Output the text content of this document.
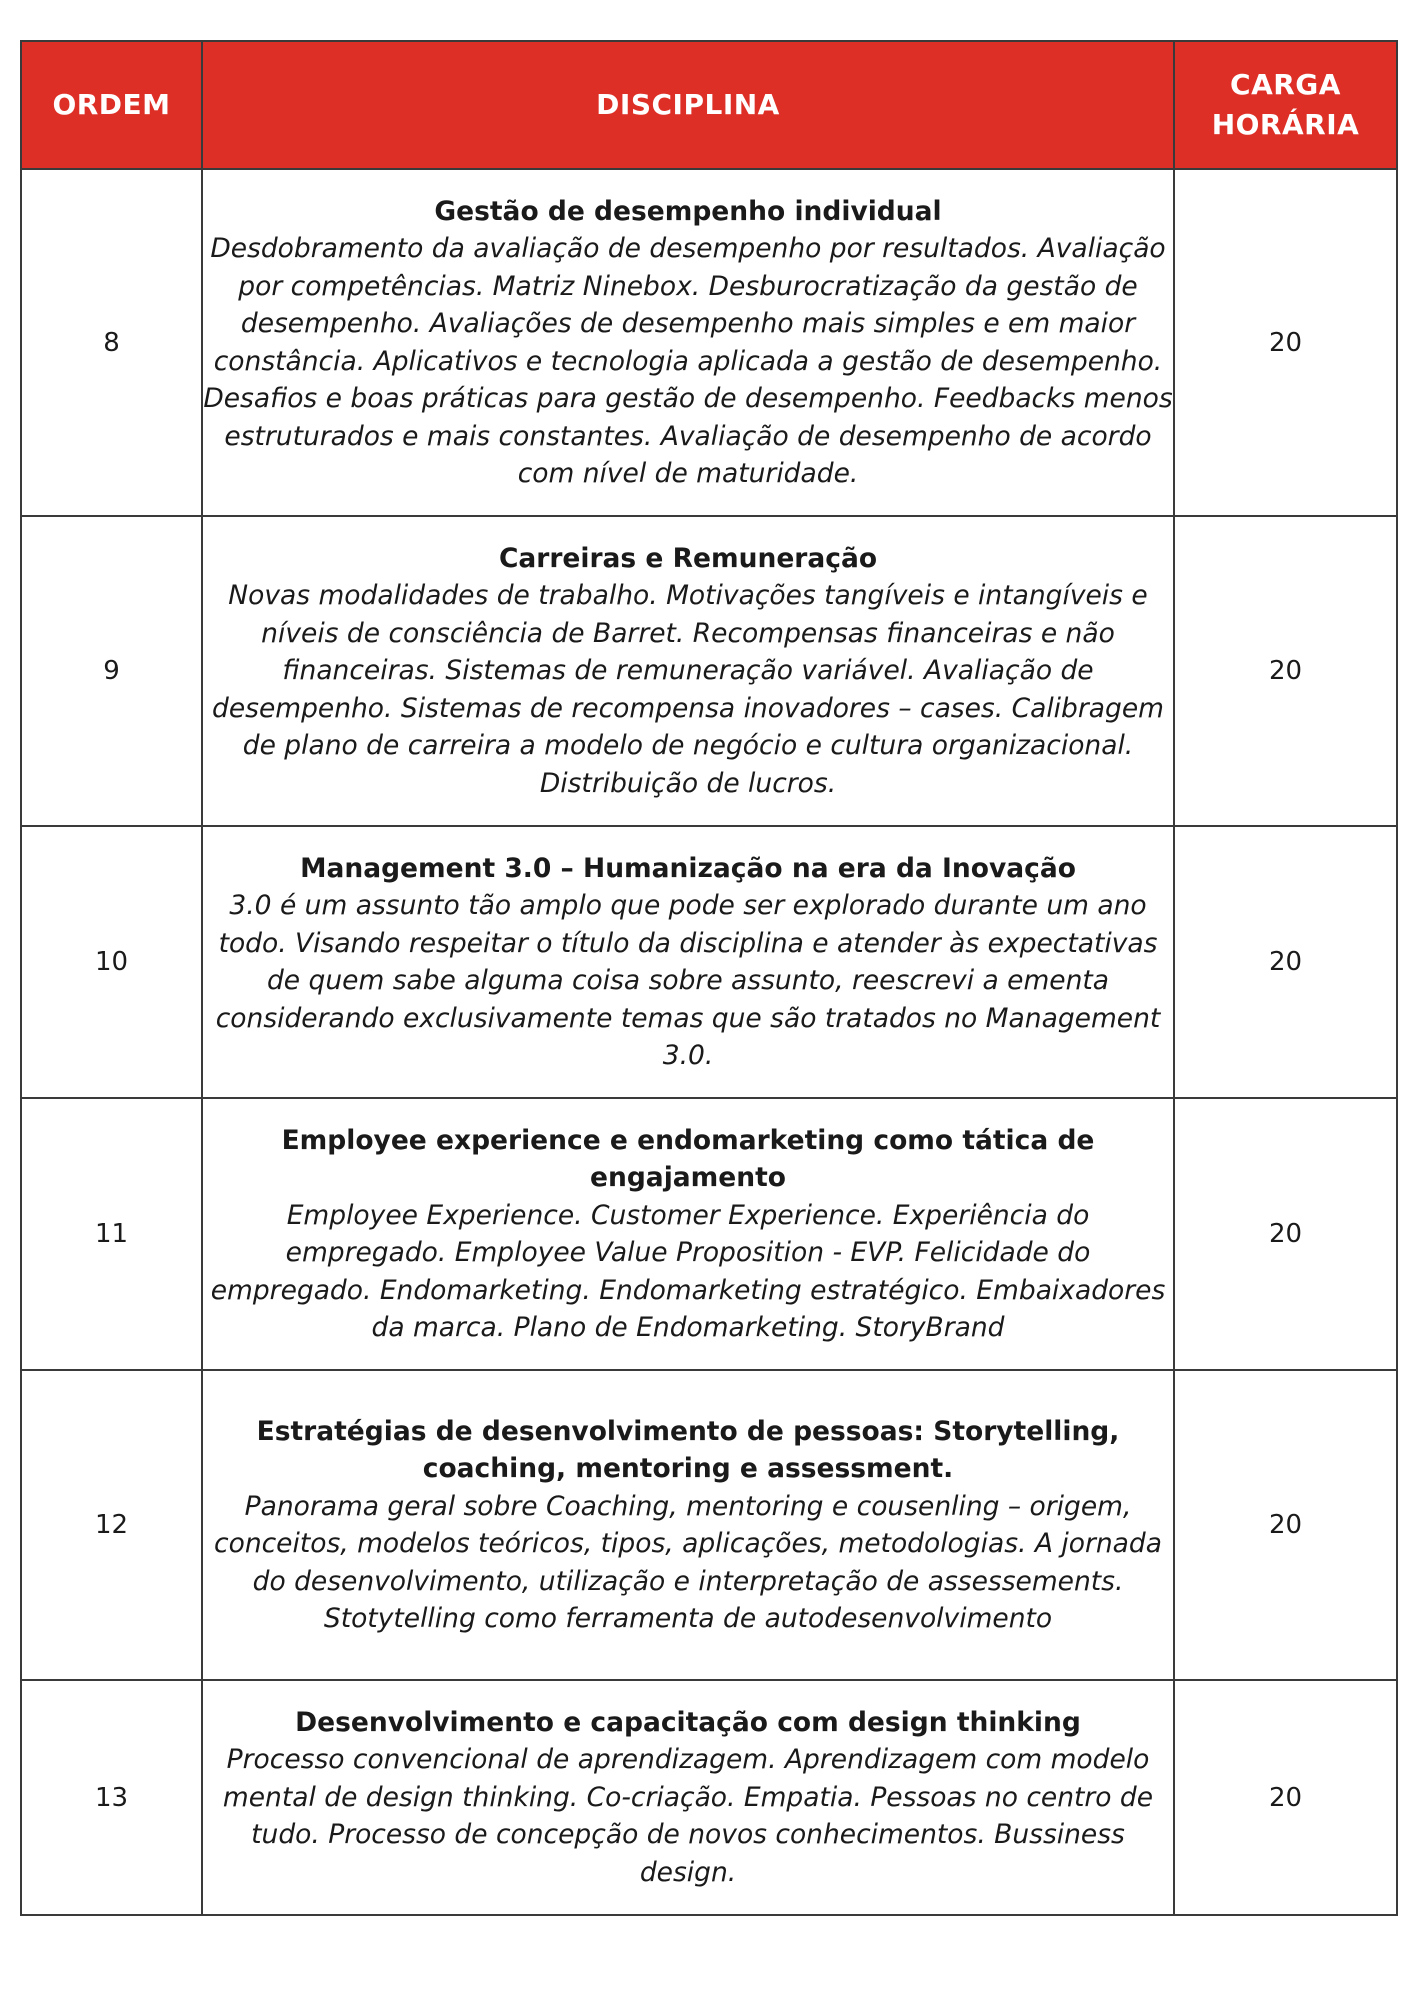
ORDEM	DISCIPLINA	CARGA
HORÁRIA
8	Gestão de desempenho individual
Desdobramento da avaliação de desempenho por resultados. Avaliação por competências. Matriz Ninebox. Desburocratização da gestão de desempenho. Avaliações de desempenho mais simples e em maior constância. Aplicativos e tecnologia aplicada a gestão de desempenho. Desafios e boas práticas para gestão de desempenho. Feedbacks menos estruturados e mais constantes. Avaliação de desempenho de acordo com nível de maturidade.	20
9	Carreiras e Remuneração
Novas modalidades de trabalho. Motivações tangíveis e intangíveis e níveis de consciência de Barret. Recompensas financeiras e não financeiras. Sistemas de remuneração variável. Avaliação de desempenho. Sistemas de recompensa inovadores – cases. Calibragem de plano de carreira a modelo de negócio e cultura organizacional. Distribuição de lucros.	20
10	Management 3.0 – Humanização na era da Inovação
3.0 é um assunto tão amplo que pode ser explorado durante um ano todo. Visando respeitar o título da disciplina e atender às expectativas de quem sabe alguma coisa sobre assunto, reescrevi a ementa considerando exclusivamente temas que são tratados no Management 3.0.	20
11	Employee experience e endomarketing como tática de engajamento
Employee Experience. Customer Experience. Experiência do empregado. Employee Value Proposition - EVP. Felicidade do empregado. Endomarketing. Endomarketing estratégico. Embaixadores da marca. Plano de Endomarketing. StoryBrand	20
12	Estratégias de desenvolvimento de pessoas: Storytelling, coaching, mentoring e assessment.
Panorama geral sobre Coaching, mentoring e cousenling – origem, conceitos, modelos teóricos, tipos, aplicações, metodologias. A jornada do desenvolvimento, utilização e interpretação de assessements. Stotytelling como ferramenta de autodesenvolvimento	20
13	Desenvolvimento e capacitação com design thinking
Processo convencional de aprendizagem. Aprendizagem com modelo mental de design thinking. Co-criação. Empatia. Pessoas no centro de tudo. Processo de concepção de novos conhecimentos. Bussiness design.	20
